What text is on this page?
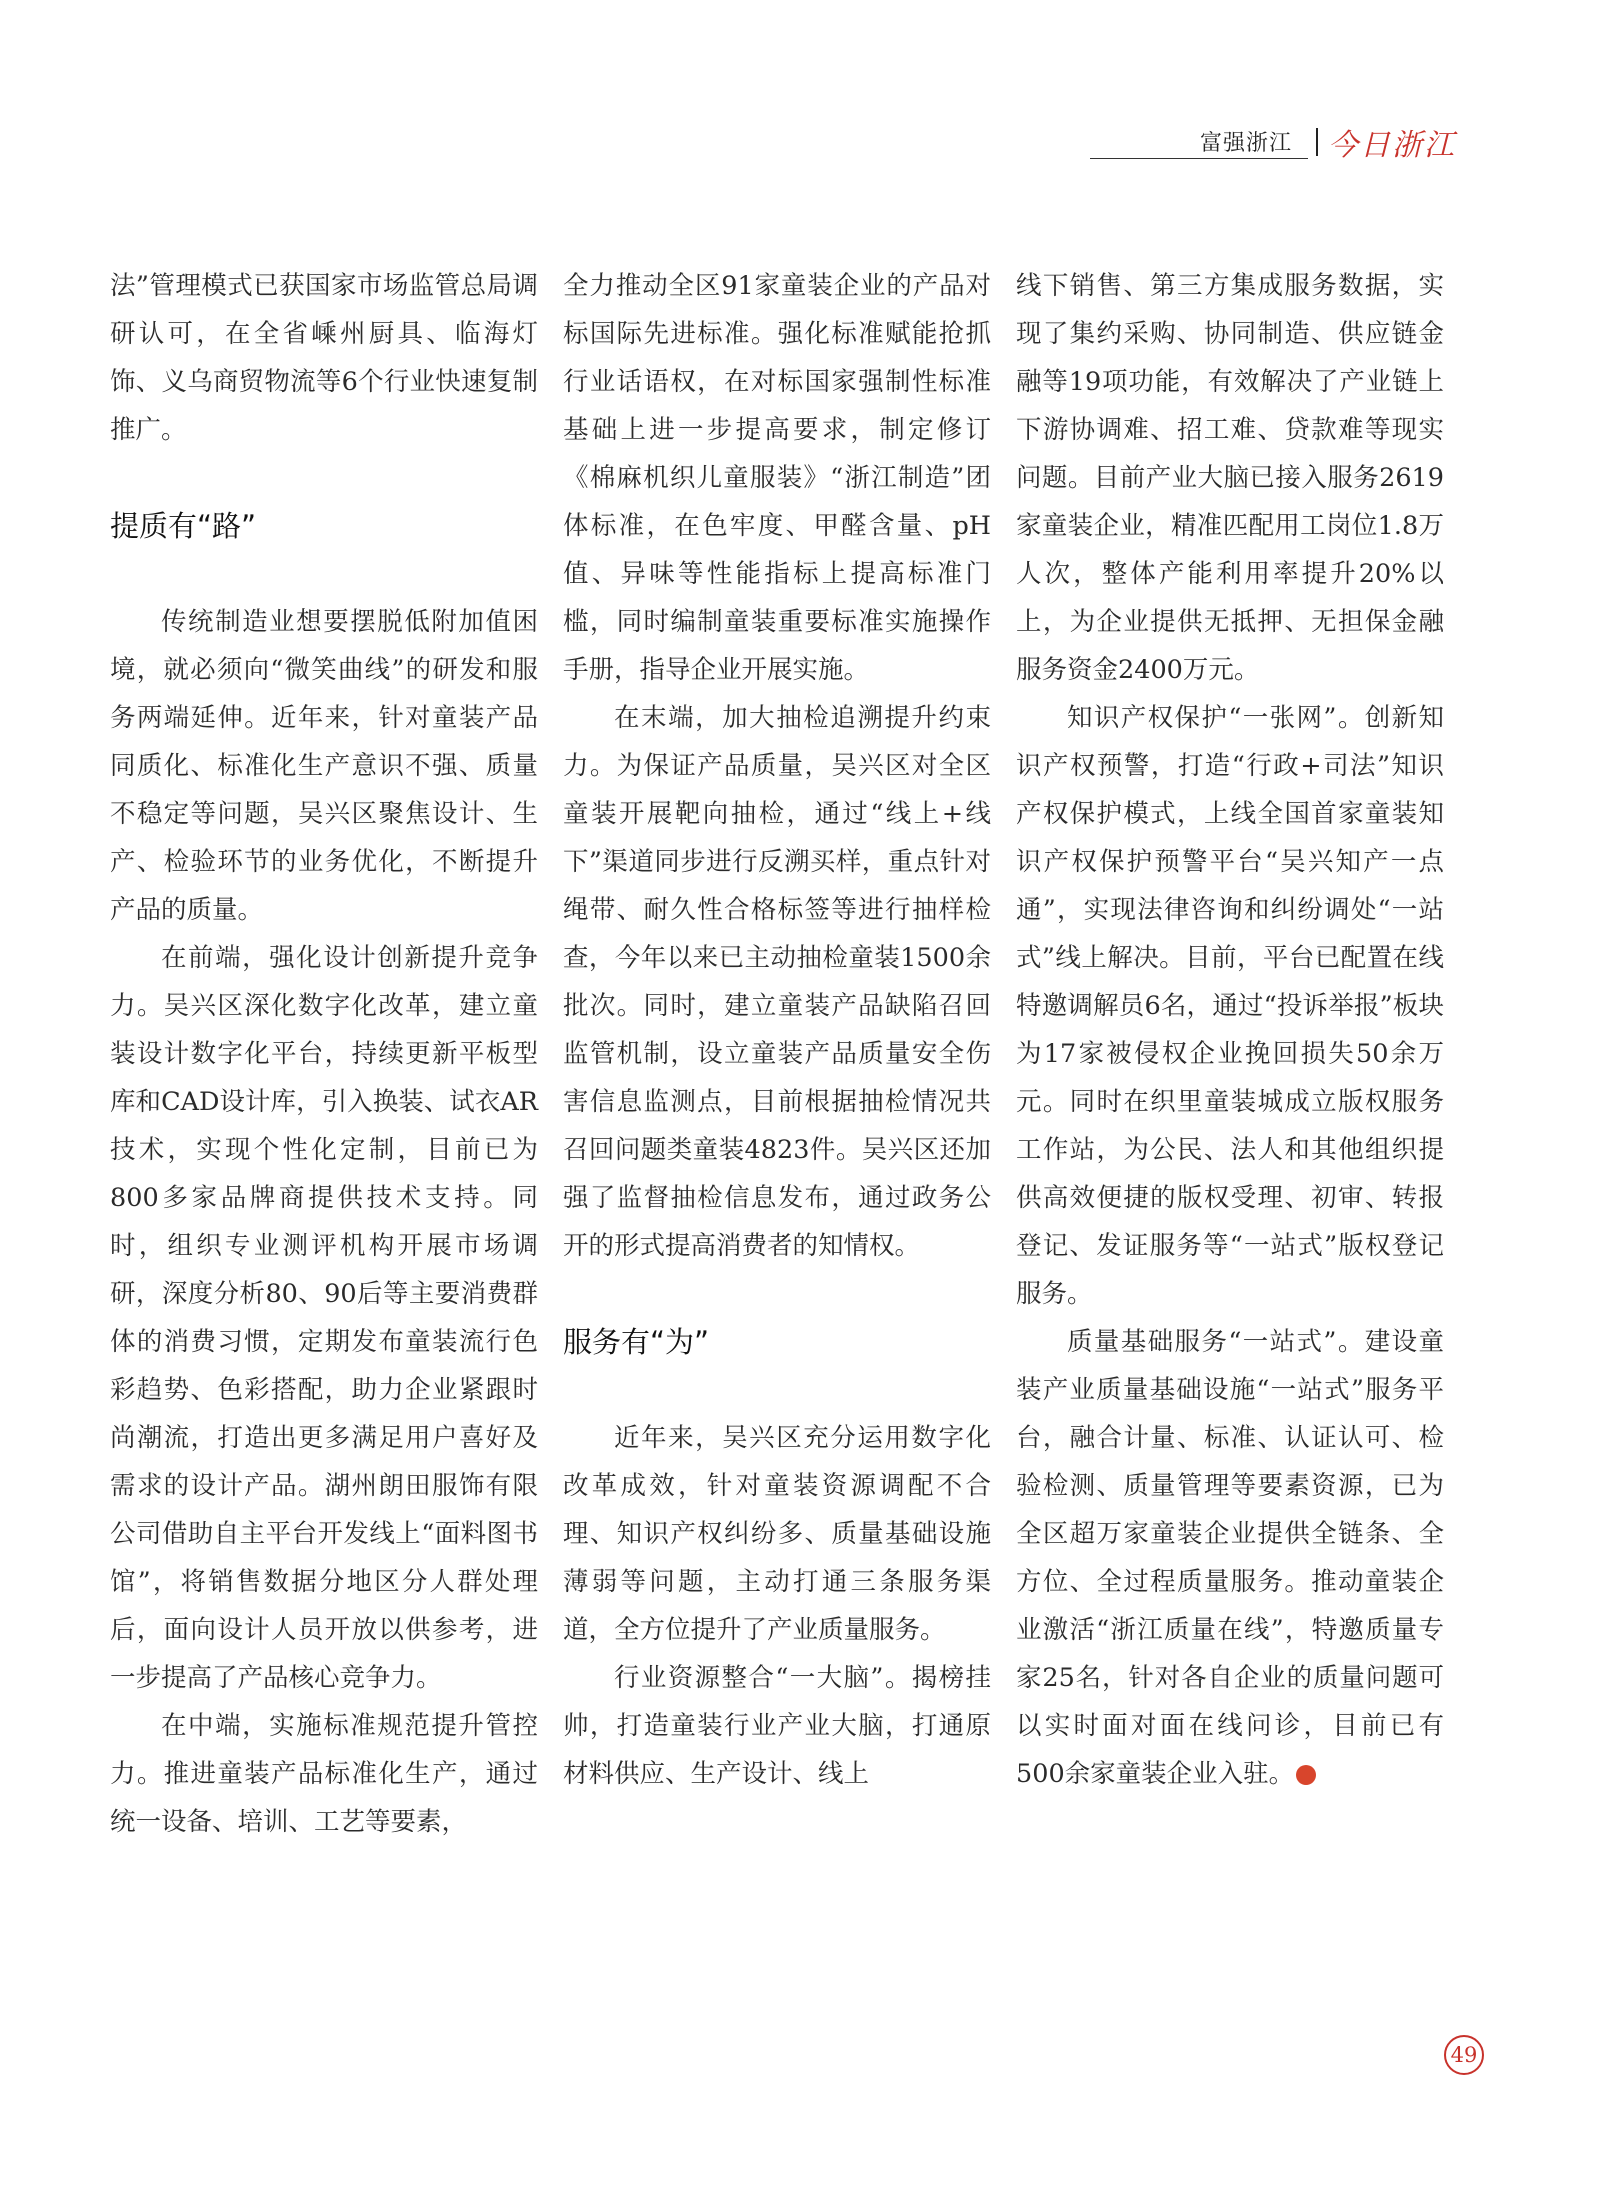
富强浙江 今日浙江

法”管理模式已获国家市场监管总局调研认可，在全省嵊州厨具、临海灯饰、义乌商贸物流等6个行业快速复制推广。

提质有“路”

传统制造业想要摆脱低附加值困境，就必须向“微笑曲线”的研发和服务两端延伸。近年来，针对童装产品同质化、标准化生产意识不强、质量不稳定等问题，吴兴区聚焦设计、生产、检验环节的业务优化，不断提升产品的质量。

在前端，强化设计创新提升竞争力。吴兴区深化数字化改革，建立童装设计数字化平台，持续更新平板型库和CAD设计库，引入换装、试衣AR技术，实现个性化定制，目前已为800多家品牌商提供技术支持。同时，组织专业测评机构开展市场调研，深度分析80、90后等主要消费群体的消费习惯，定期发布童装流行色彩趋势、色彩搭配，助力企业紧跟时尚潮流，打造出更多满足用户喜好及需求的设计产品。湖州朗田服饰有限公司借助自主平台开发线上“面料图书馆”，将销售数据分地区分人群处理后，面向设计人员开放以供参考，进一步提高了产品核心竞争力。

在中端，实施标准规范提升管控力。推进童装产品标准化生产，通过统一设备、培训、工艺等要素，

全力推动全区91家童装企业的产品对标国际先进标准。强化标准赋能抢抓行业话语权，在对标国家强制性标准基础上进一步提高要求，制定修订《棉麻机织儿童服装》“浙江制造”团体标准，在色牢度、甲醛含量、pH值、异味等性能指标上提高标准门槛，同时编制童装重要标准实施操作手册，指导企业开展实施。

在末端，加大抽检追溯提升约束力。为保证产品质量，吴兴区对全区童装开展靶向抽检，通过“线上+线下”渠道同步进行反溯买样，重点针对绳带、耐久性合格标签等进行抽样检查，今年以来已主动抽检童装1500余批次。同时，建立童装产品缺陷召回监管机制，设立童装产品质量安全伤害信息监测点，目前根据抽检情况共召回问题类童装4823件。吴兴区还加强了监督抽检信息发布，通过政务公开的形式提高消费者的知情权。

服务有“为”

近年来，吴兴区充分运用数字化改革成效，针对童装资源调配不合理、知识产权纠纷多、质量基础设施薄弱等问题，主动打通三条服务渠道，全方位提升了产业质量服务。

行业资源整合“一大脑”。揭榜挂帅，打造童装行业产业大脑，打通原材料供应、生产设计、线上

线下销售、第三方集成服务数据，实现了集约采购、协同制造、供应链金融等19项功能，有效解决了产业链上下游协调难、招工难、贷款难等现实问题。目前产业大脑已接入服务2619家童装企业，精准匹配用工岗位1.8万人次，整体产能利用率提升20%以上，为企业提供无抵押、无担保金融服务资金2400万元。

知识产权保护“一张网”。创新知识产权预警，打造“行政+司法”知识产权保护模式，上线全国首家童装知识产权保护预警平台“吴兴知产一点通”，实现法律咨询和纠纷调处“一站式”线上解决。目前，平台已配置在线特邀调解员6名，通过“投诉举报”板块为17家被侵权企业挽回损失50余万元。同时在织里童装城成立版权服务工作站，为公民、法人和其他组织提供高效便捷的版权受理、初审、转报登记、发证服务等“一站式”版权登记服务。

质量基础服务“一站式”。建设童装产业质量基础设施“一站式”服务平台，融合计量、标准、认证认可、检验检测、质量管理等要素资源，已为全区超万家童装企业提供全链条、全方位、全过程质量服务。推动童装企业激活“浙江质量在线”，特邀质量专家25名，针对各自企业的质量问题可以实时面对面在线问诊，目前已有500余家童装企业入驻。	今

49
